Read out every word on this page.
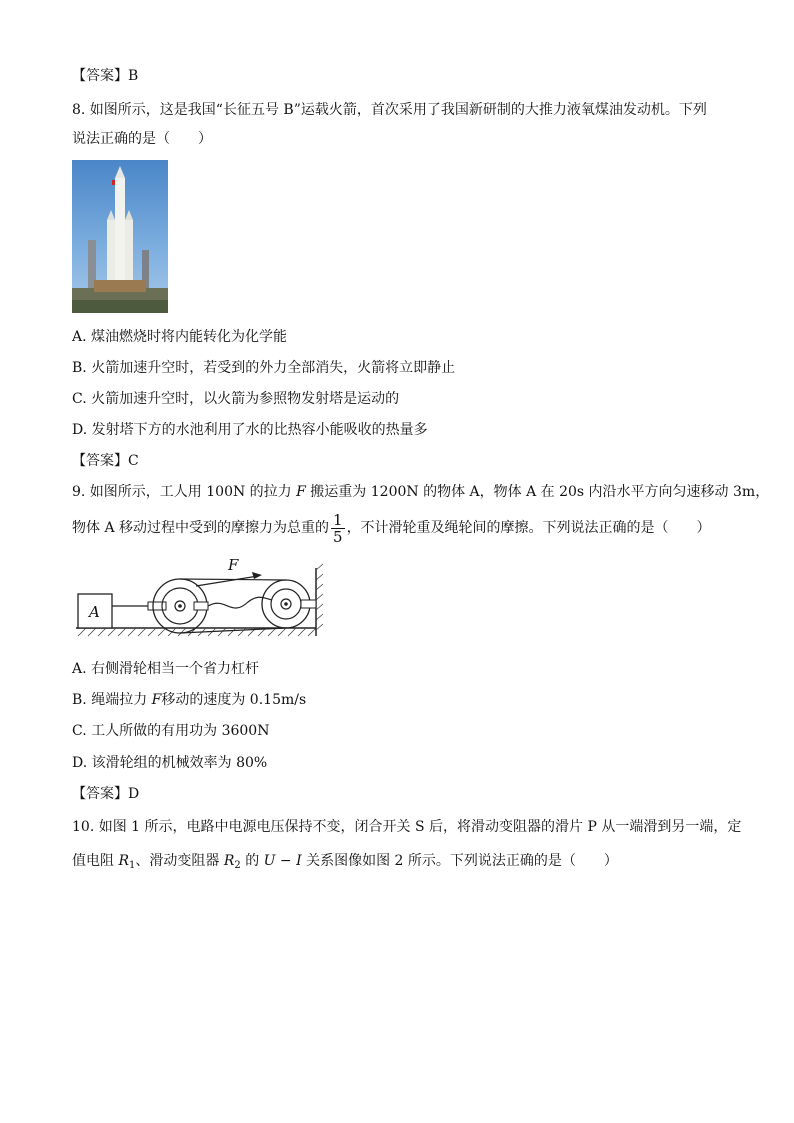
【答案】B
8. 如图所示，这是我国“长征五号 B”运载火箭，首次采用了我国新研制的大推力液氧煤油发动机。下列
说法正确的是（　　）
A. 煤油燃烧时将内能转化为化学能
B. 火箭加速升空时，若受到的外力全部消失，火箭将立即静止
C. 火箭加速升空时，以火箭为参照物发射塔是运动的
D. 发射塔下方的水池利用了水的比热容小能吸收的热量多
【答案】C
9. 如图所示，工人用 100N 的拉力 F 搬运重为 1200N 的物体 A，物体 A 在 20s 内沿水平方向匀速移动 3m，
物体 A 移动过程中受到的摩擦力为总重的 $\frac{1}{5}$ ，不计滑轮重及绳轮间的摩擦。下列说法正确的是（　　）
A
F
A. 右侧滑轮相当一个省力杠杆
B. 绳端拉力 F移动的速度为 0.15m/s
C. 工人所做的有用功为 3600N
D. 该滑轮组的机械效率为 80%
【答案】D
10. 如图 1 所示，电路中电源电压保持不变，闭合开关 S 后，将滑动变阻器的滑片 P 从一端滑到另一端，定
值电阻 $R_1$、滑动变阻器 $R_2$ 的 U − I 关系图像如图 2 所示。下列说法正确的是（　　）
